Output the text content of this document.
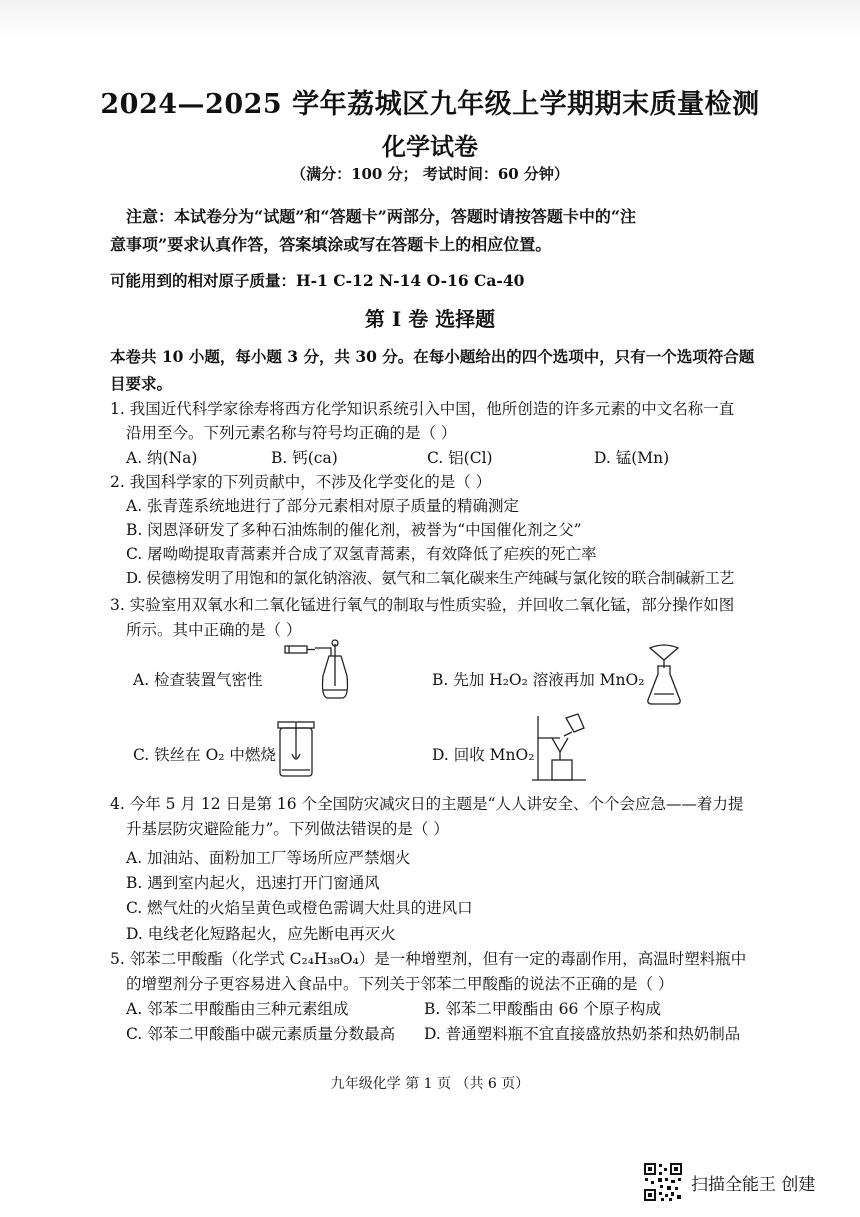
2024—2025 学年荔城区九年级上学期期末质量检测
化学试卷
（满分：100 分； 考试时间：60 分钟）
注意：本试卷分为“试题”和“答题卡”两部分，答题时请按答题卡中的“注
意事项”要求认真作答，答案填涂或写在答题卡上的相应位置。
可能用到的相对原子质量：H-1 C-12 N-14 O-16 Ca-40
第 I 卷 选择题
本卷共 10 小题，每小题 3 分，共 30 分。在每小题给出的四个选项中，只有一个选项符合题
目要求。
1. 我国近代科学家徐寿将西方化学知识系统引入中国，他所创造的许多元素的中文名称一直
沿用至今。下列元素名称与符号均正确的是（ ）
A. 纳(Na)	B. 钙(ca)	C. 铝(Cl)	D. 锰(Mn)
2. 我国科学家的下列贡献中，不涉及化学变化的是（ ）
A. 张青莲系统地进行了部分元素相对原子质量的精确测定
B. 闵恩泽研发了多种石油炼制的催化剂，被誉为“中国催化剂之父”
C. 屠呦呦提取青蒿素并合成了双氢青蒿素，有效降低了疟疾的死亡率
D. 侯德榜发明了用饱和的氯化钠溶液、氨气和二氧化碳来生产纯碱与氯化铵的联合制碱新工艺
3. 实验室用双氧水和二氧化锰进行氧气的制取与性质实验，并回收二氧化锰，部分操作如图
所示。其中正确的是（ ）
A. 检查装置气密性	B. 先加 H₂O₂ 溶液再加 MnO₂
C. 铁丝在 O₂ 中燃烧	D. 回收 MnO₂
4. 今年 5 月 12 日是第 16 个全国防灾减灾日的主题是“人人讲安全、个个会应急——着力提
升基层防灾避险能力”。下列做法错误的是（ ）
A. 加油站、面粉加工厂等场所应严禁烟火
B. 遇到室内起火，迅速打开门窗通风
C. 燃气灶的火焰呈黄色或橙色需调大灶具的进风口
D. 电线老化短路起火，应先断电再灭火
5. 邻苯二甲酸酯（化学式 C₂₄H₃₈O₄）是一种增塑剂，但有一定的毒副作用，高温时塑料瓶中
的增塑剂分子更容易进入食品中。下列关于邻苯二甲酸酯的说法不正确的是（ ）
A. 邻苯二甲酸酯由三种元素组成	B. 邻苯二甲酸酯由 66 个原子构成
C. 邻苯二甲酸酯中碳元素质量分数最高 D. 普通塑料瓶不宜直接盛放热奶茶和热奶制品
九年级化学 第 1 页 （共 6 页）
扫描全能王 创建
